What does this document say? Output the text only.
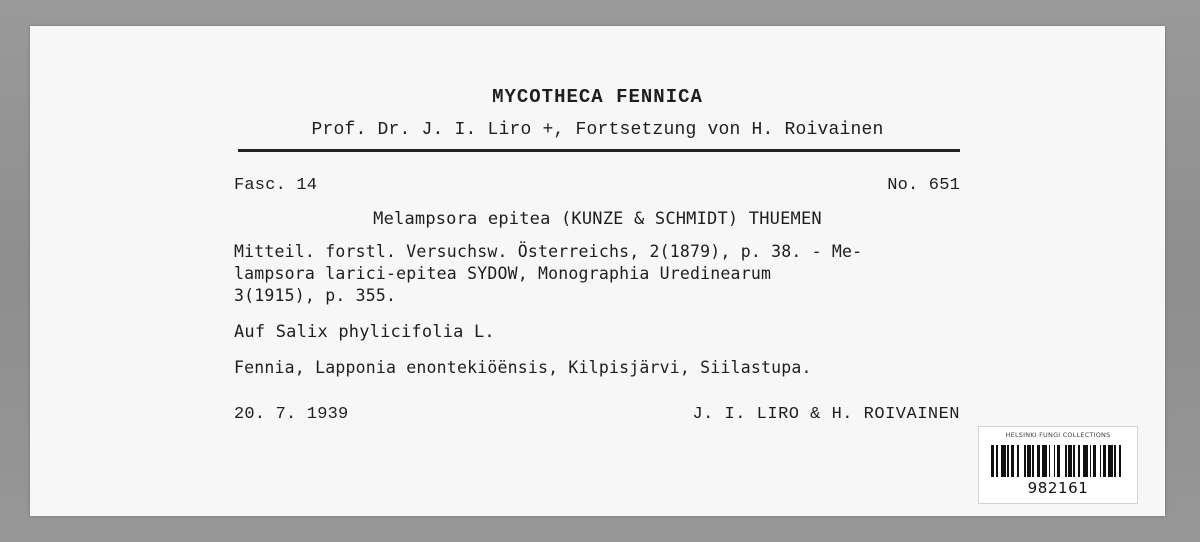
MYCOTHECA FENNICA
Prof. Dr. J. I. Liro +, Fortsetzung von H. Roivainen
Fasc. 14	No. 651
Melampsora epitea (KUNZE & SCHMIDT) THUEMEN
Mitteil. forstl. Versuchsw. Österreichs, 2(1879), p. 38. - Me-
lampsora larici-epitea SYDOW, Monographia Uredinearum
3(1915), p. 355.
Auf Salix phylicifolia L.
Fennia, Lapponia enontekiöënsis, Kilpisjärvi, Siilastupa.
20. 7. 1939	J. I. LIRO & H. ROIVAINEN
HELSINKI FUNGI COLLECTIONS
982161
